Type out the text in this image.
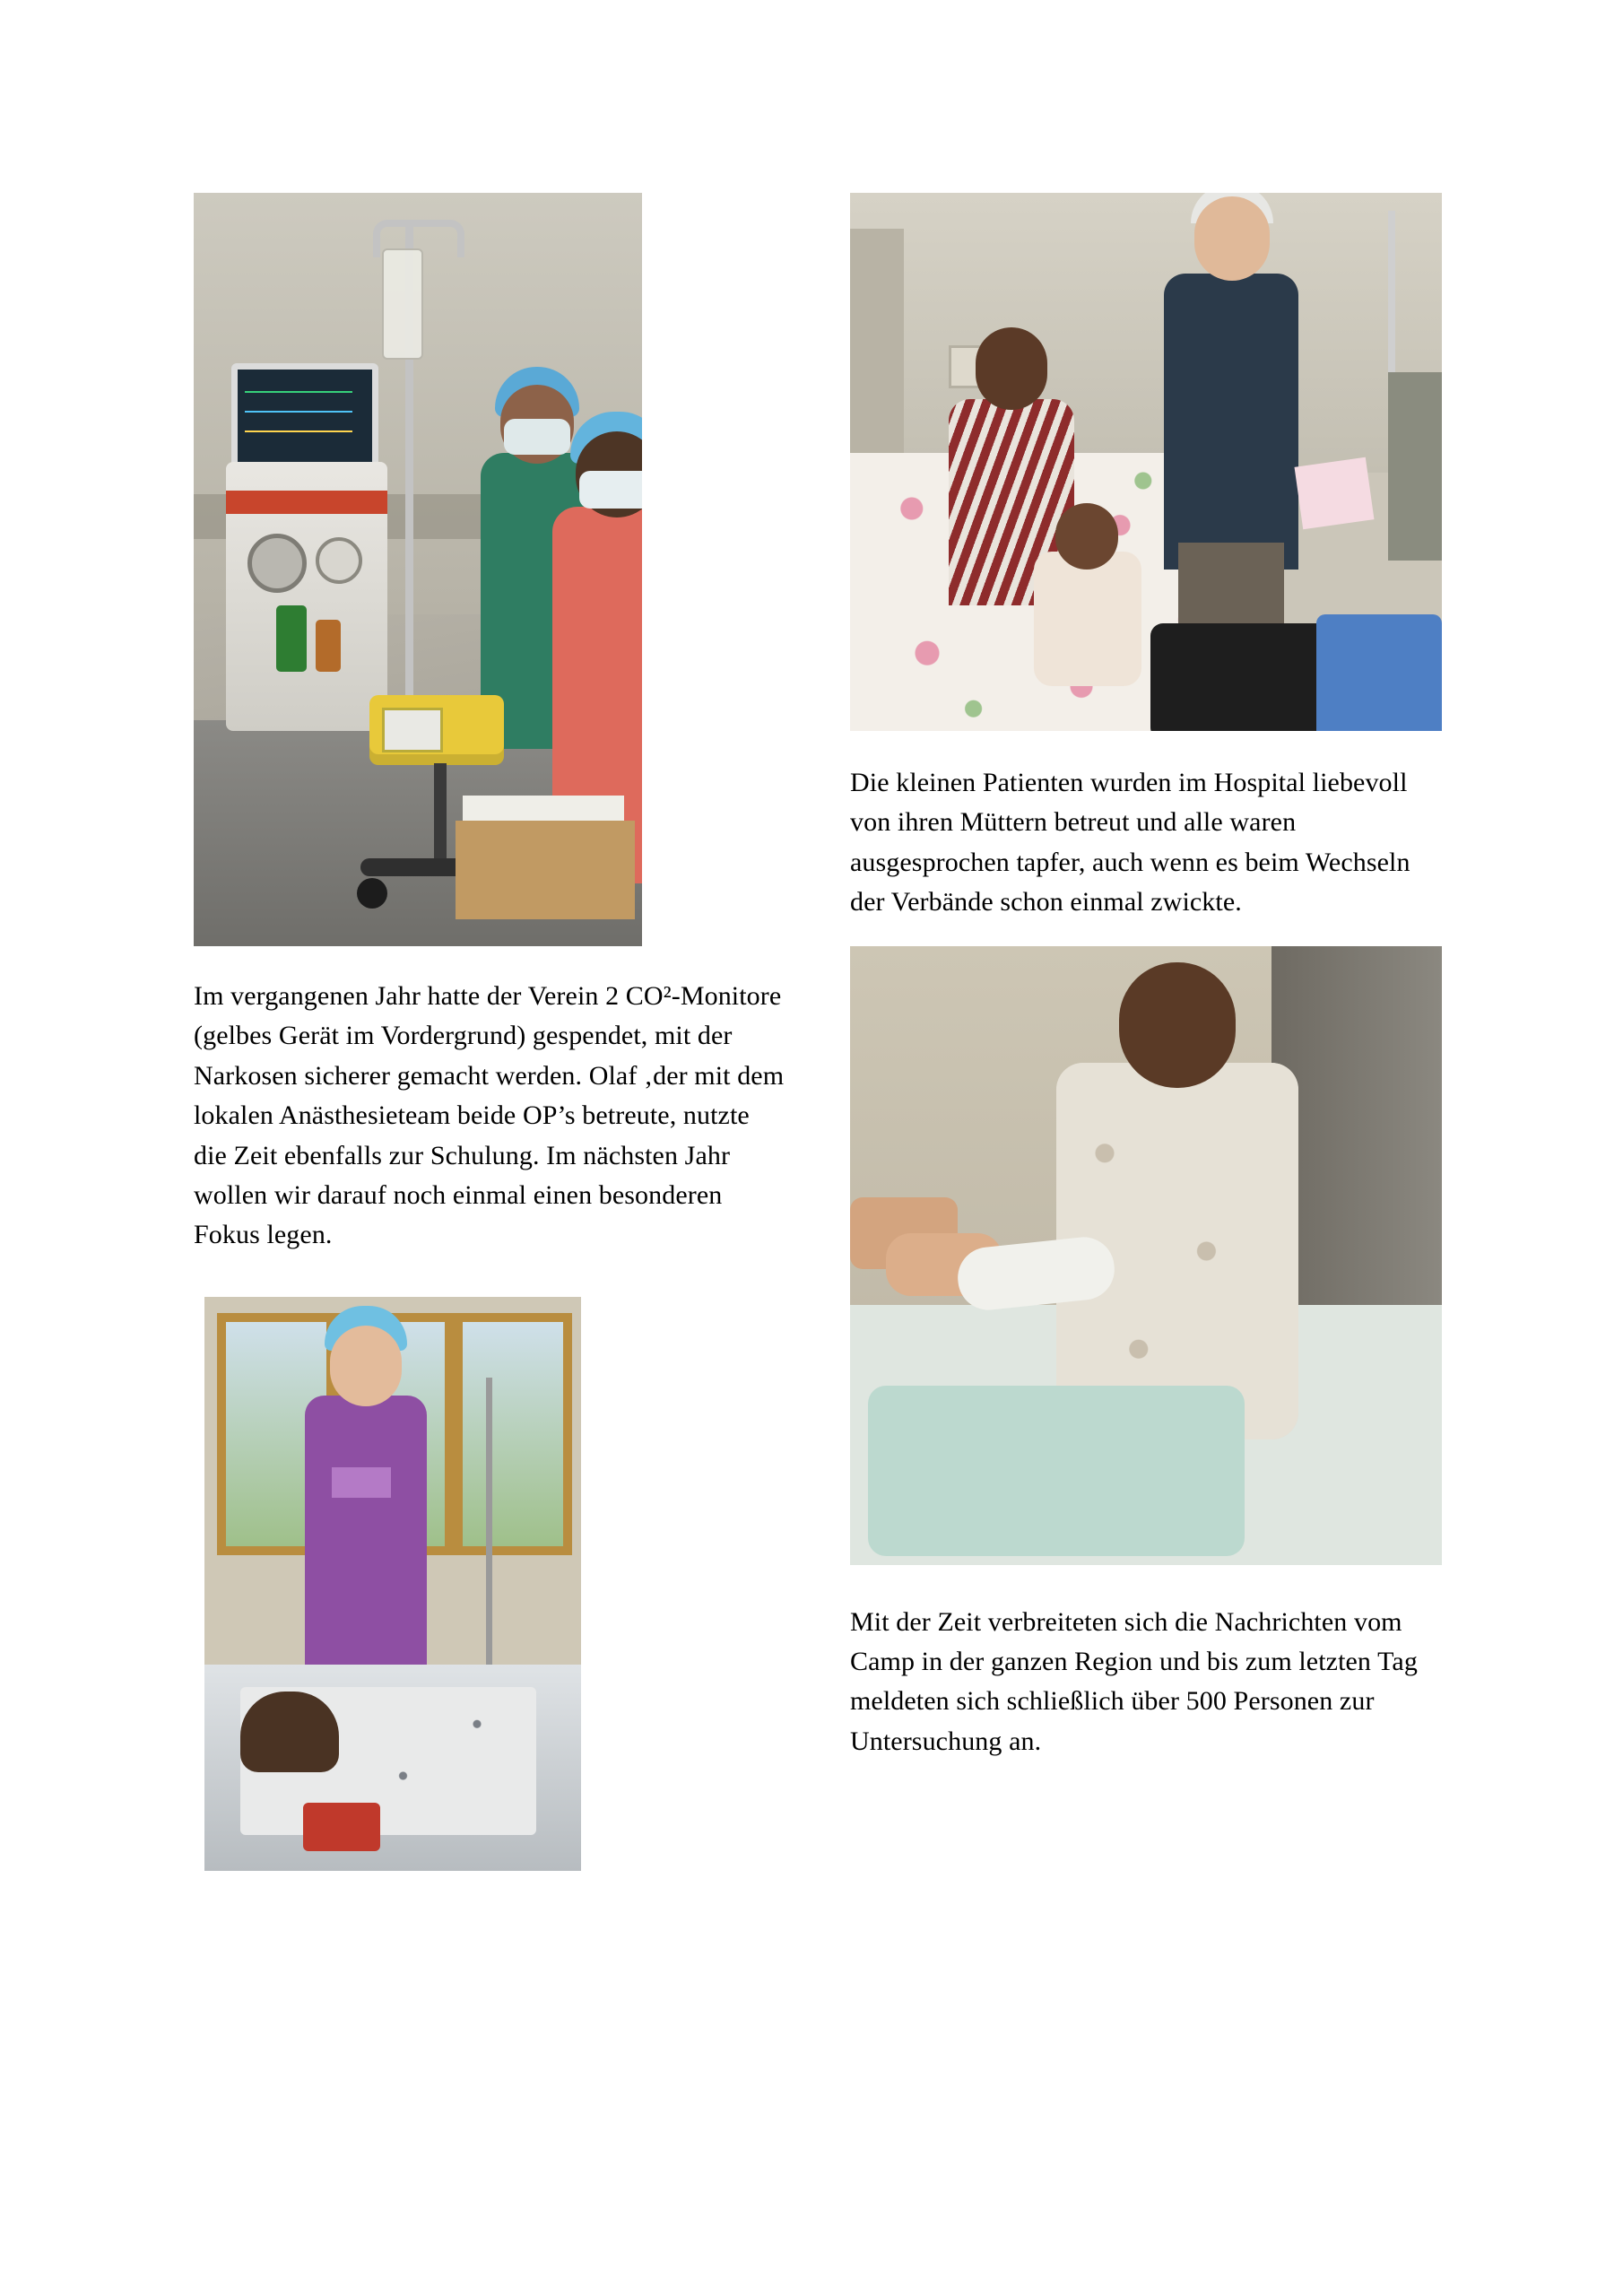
Im vergangenen Jahr hatte der Verein 2 CO²-Monitore (gelbes Gerät im Vordergrund) gespendet, mit der Narkosen sicherer gemacht werden. Olaf ‚der mit dem lokalen Anästhesieteam beide OP’s betreute, nutzte die Zeit ebenfalls zur Schulung. Im nächsten Jahr wollen wir darauf noch einmal einen besonderen Fokus legen.

Die kleinen Patienten wurden im Hospital liebevoll von ihren Müttern betreut und alle waren ausgesprochen tapfer, auch wenn es beim Wechseln der Verbände schon einmal zwickte.

Mit der Zeit verbreiteten sich die Nachrichten vom Camp in der ganzen Region und bis zum letzten Tag meldeten sich schließlich über 500 Personen zur Untersuchung an.
